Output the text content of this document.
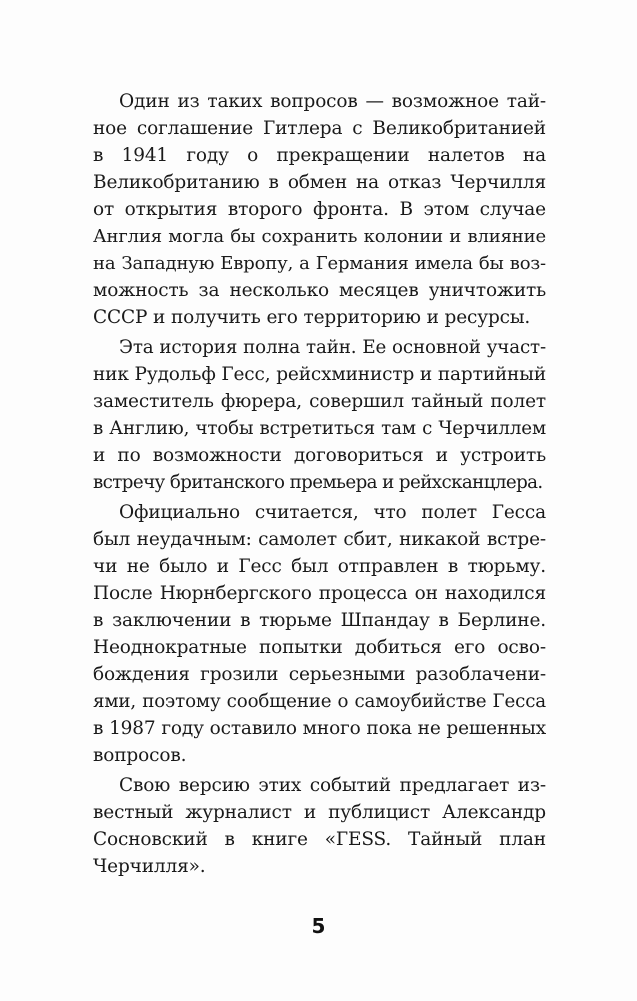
Один из таких вопросов — возможное тай-
ное соглашение Гитлера с Великобританией
в 1941 году о прекращении налетов на
Великобританию в обмен на отказ Черчилля
от открытия второго фронта. В этом случае
Англия могла бы сохранить колонии и влияние
на Западную Европу, а Германия имела бы воз-
можность за несколько месяцев уничтожить
СССР и получить его территорию и ресурсы.
Эта история полна тайн. Ее основной участ-
ник Рудольф Гесс, рейсхминистр и партийный
заместитель фюрера, совершил тайный полет
в Англию, чтобы встретиться там с Черчиллем
и по возможности договориться и устроить
встречу британского премьера и рейхсканцлера.
Официально считается, что полет Гесса
был неудачным: самолет сбит, никакой встре-
чи не было и Гесс был отправлен в тюрьму.
После Нюрнбергского процесса он находился
в заключении в тюрьме Шпандау в Берлине.
Неоднократные попытки добиться его осво-
бождения грозили серьезными разоблачени-
ями, поэтому сообщение о самоубийстве Гесса
в 1987 году оставило много пока не решенных
вопросов.
Свою версию этих событий предлагает из-
вестный журналист и публицист Александр
Сосновский в книге «ГESS. Тайный план
Черчилля».
5
